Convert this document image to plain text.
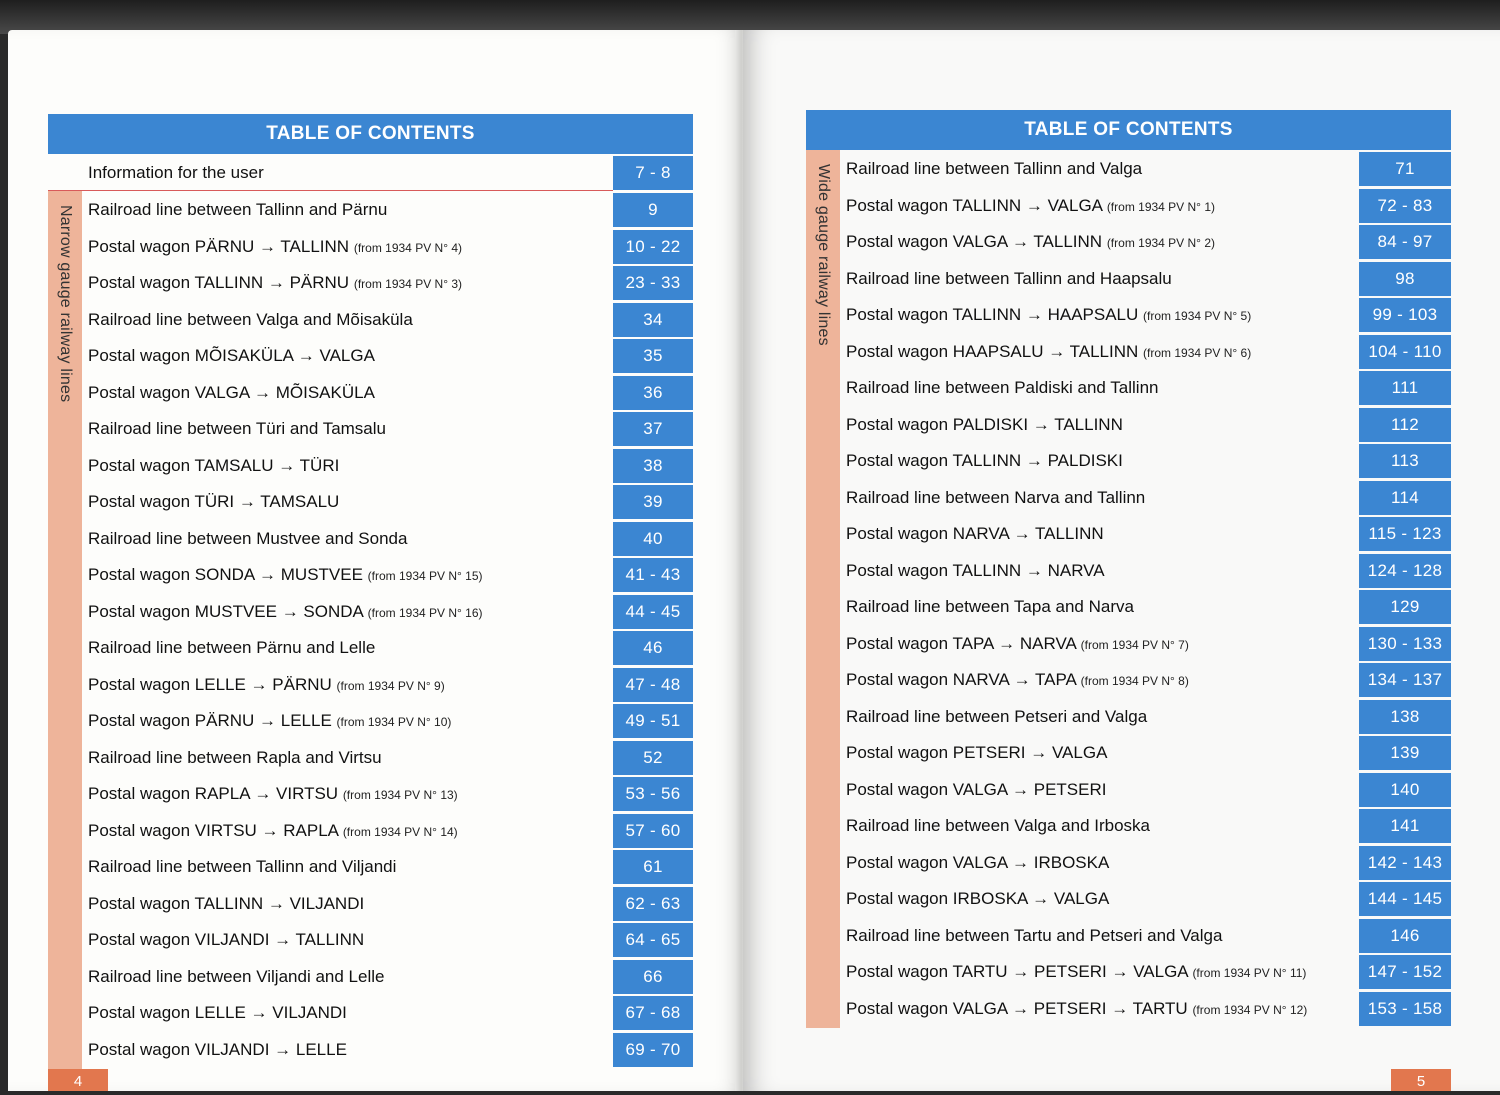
TABLE OF CONTENTS
Narrow gauge railway lines
Information for the user	7 - 8
Railroad line between Tallinn and Pärnu	9
Postal wagon PÄRNU → TALLINN (from 1934 PV N° 4)	10 - 22
Postal wagon TALLINN → PÄRNU (from 1934 PV N° 3)	23 - 33
Railroad line between Valga and Mõisaküla	34
Postal wagon MÕISAKÜLA → VALGA	35
Postal wagon VALGA → MÕISAKÜLA	36
Railroad line between Türi and Tamsalu	37
Postal wagon TAMSALU → TÜRI	38
Postal wagon TÜRI → TAMSALU	39
Railroad line between Mustvee and Sonda	40
Postal wagon SONDA → MUSTVEE (from 1934 PV N° 15)	41 - 43
Postal wagon MUSTVEE → SONDA (from 1934 PV N° 16)	44 - 45
Railroad line between Pärnu and Lelle	46
Postal wagon LELLE → PÄRNU (from 1934 PV N° 9)	47 - 48
Postal wagon PÄRNU → LELLE (from 1934 PV N° 10)	49 - 51
Railroad line between Rapla and Virtsu	52
Postal wagon RAPLA → VIRTSU (from 1934 PV N° 13)	53 - 56
Postal wagon VIRTSU → RAPLA (from 1934 PV N° 14)	57 - 60
Railroad line between Tallinn and Viljandi	61
Postal wagon TALLINN → VILJANDI	62 - 63
Postal wagon VILJANDI → TALLINN	64 - 65
Railroad line between Viljandi and Lelle	66
Postal wagon LELLE → VILJANDI	67 - 68
Postal wagon VILJANDI → LELLE	69 - 70
4
TABLE OF CONTENTS
Wide gauge railway lines Railroad line between Tallinn and Valga	71
Postal wagon TALLINN → VALGA (from 1934 PV N° 1)	72 - 83
Postal wagon VALGA → TALLINN (from 1934 PV N° 2)	84 - 97
Railroad line between Tallinn and Haapsalu	98
Postal wagon TALLINN → HAAPSALU (from 1934 PV N° 5)	99 - 103
Postal wagon HAAPSALU → TALLINN (from 1934 PV N° 6)	104 - 110
Railroad line between Paldiski and Tallinn	111
Postal wagon PALDISKI → TALLINN	112
Postal wagon TALLINN → PALDISKI	113
Railroad line between Narva and Tallinn	114
Postal wagon NARVA → TALLINN	115 - 123
Postal wagon TALLINN → NARVA	124 - 128
Railroad line between Tapa and Narva	129
Postal wagon TAPA → NARVA (from 1934 PV N° 7)	130 - 133
Postal wagon NARVA → TAPA (from 1934 PV N° 8)	134 - 137
Railroad line between Petseri and Valga	138
Postal wagon PETSERI → VALGA	139
Postal wagon VALGA → PETSERI	140
Railroad line between Valga and Irboska	141
Postal wagon VALGA → IRBOSKA	142 - 143
Postal wagon IRBOSKA → VALGA	144 - 145
Railroad line between Tartu and Petseri and Valga	146
Postal wagon TARTU → PETSERI → VALGA (from 1934 PV N° 11)	147 - 152
Postal wagon VALGA → PETSERI → TARTU (from 1934 PV N° 12)	153 - 158
5
